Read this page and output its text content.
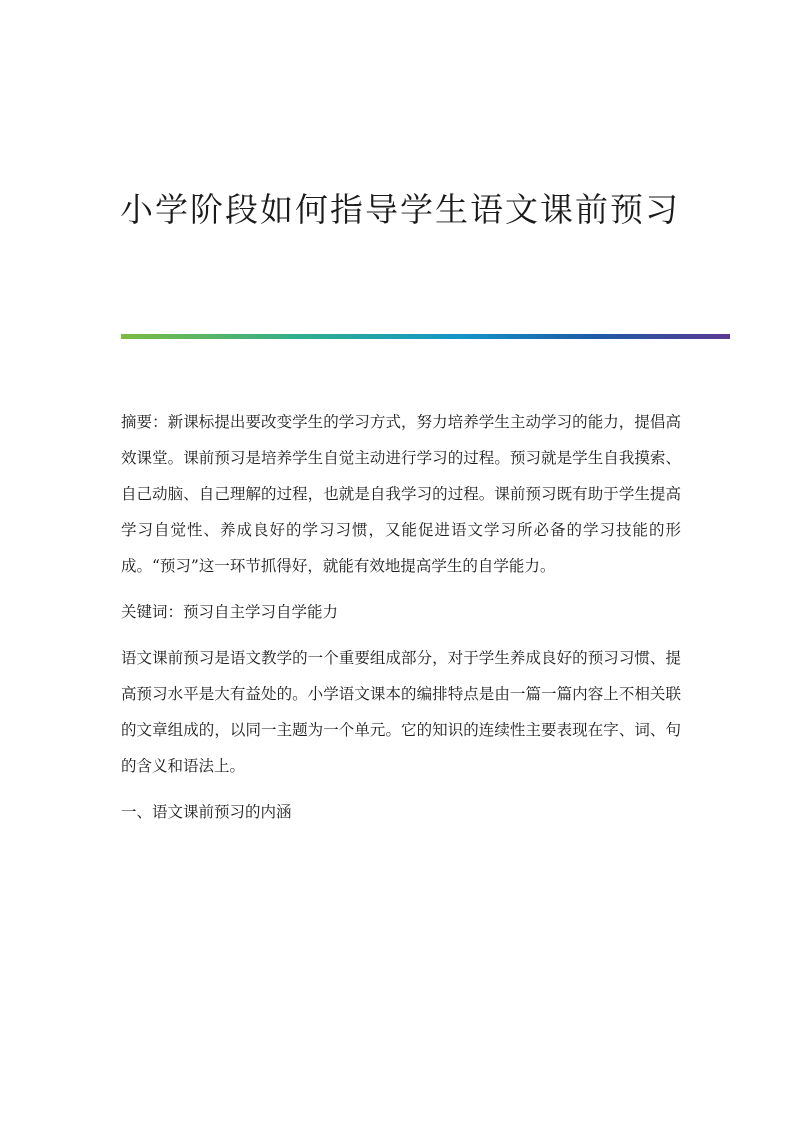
小学阶段如何指导学生语文课前预习

摘要：新课标提出要改变学生的学习方式，努力培养学生主动学习的能力，提倡高效课堂。课前预习是培养学生自觉主动进行学习的过程。预习就是学生自我摸索、自己动脑、自己理解的过程，也就是自我学习的过程。课前预习既有助于学生提高学习自觉性、养成良好的学习习惯，又能促进语文学习所必备的学习技能的形成。“预习”这一环节抓得好，就能有效地提高学生的自学能力。

关键词：预习自主学习自学能力

语文课前预习是语文教学的一个重要组成部分，对于学生养成良好的预习习惯、提高预习水平是大有益处的。小学语文课本的编排特点是由一篇一篇内容上不相关联的文章组成的，以同一主题为一个单元。它的知识的连续性主要表现在字、词、句的含义和语法上。

一、语文课前预习的内涵
